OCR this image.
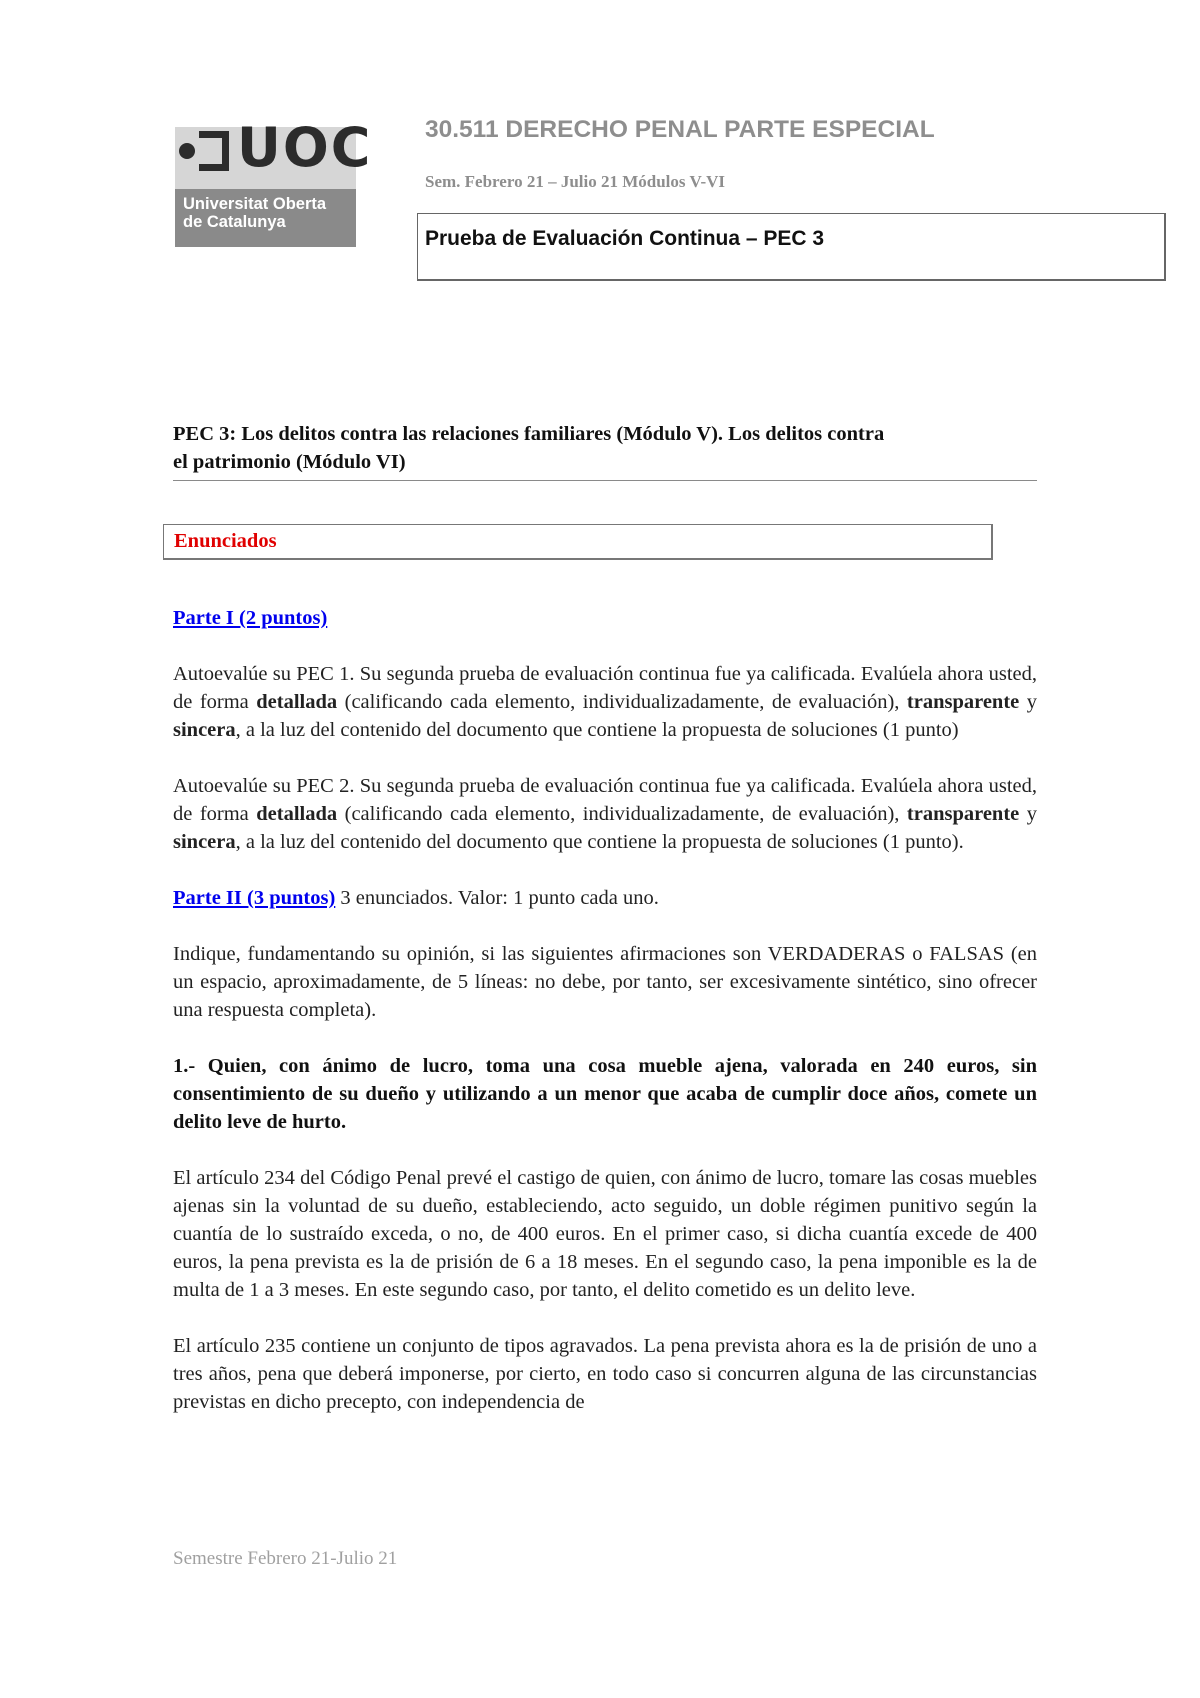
UOC
Universitat Oberta
de Catalunya
30.511 DERECHO PENAL PARTE ESPECIAL
Sem. Febrero 21 – Julio 21 Módulos V-VI
Prueba de Evaluación Continua – PEC 3
PEC 3: Los delitos contra las relaciones familiares (Módulo V). Los delitos contra
el patrimonio (Módulo VI)
Enunciados
Parte I (2 puntos)

Autoevalúe su PEC 1. Su segunda prueba de evaluación continua fue ya calificada. Evalúela ahora usted, de forma detallada (calificando cada elemento, individualizadamente, de evaluación), transparente y sincera, a la luz del contenido del documento que contiene la propuesta de soluciones (1 punto)

Autoevalúe su PEC 2. Su segunda prueba de evaluación continua fue ya calificada. Evalúela ahora usted, de forma detallada (calificando cada elemento, individualizadamente, de evaluación), transparente y sincera, a la luz del contenido del documento que contiene la propuesta de soluciones (1 punto).

Parte II (3 puntos) 3 enunciados. Valor: 1 punto cada uno.

Indique, fundamentando su opinión, si las siguientes afirmaciones son VERDADERAS o FALSAS (en un espacio, aproximadamente, de 5 líneas: no debe, por tanto, ser excesivamente sintético, sino ofrecer una respuesta completa).

1.- Quien, con ánimo de lucro, toma una cosa mueble ajena, valorada en 240 euros, sin consentimiento de su dueño y utilizando a un menor que acaba de cumplir doce años, comete un delito leve de hurto.

El artículo 234 del Código Penal prevé el castigo de quien, con ánimo de lucro, tomare las cosas muebles ajenas sin la voluntad de su dueño, estableciendo, acto seguido, un doble régimen punitivo según la cuantía de lo sustraído exceda, o no, de 400 euros. En el primer caso, si dicha cuantía excede de 400 euros, la pena prevista es la de prisión de 6 a 18 meses. En el segundo caso, la pena imponible es la de multa de 1 a 3 meses. En este segundo caso, por tanto, el delito cometido es un delito leve.

El artículo 235 contiene un conjunto de tipos agravados. La pena prevista ahora es la de prisión de uno a tres años, pena que deberá imponerse, por cierto, en todo caso si concurren alguna de las circunstancias previstas en dicho precepto, con independencia de

Semestre Febrero 21-Julio 21
